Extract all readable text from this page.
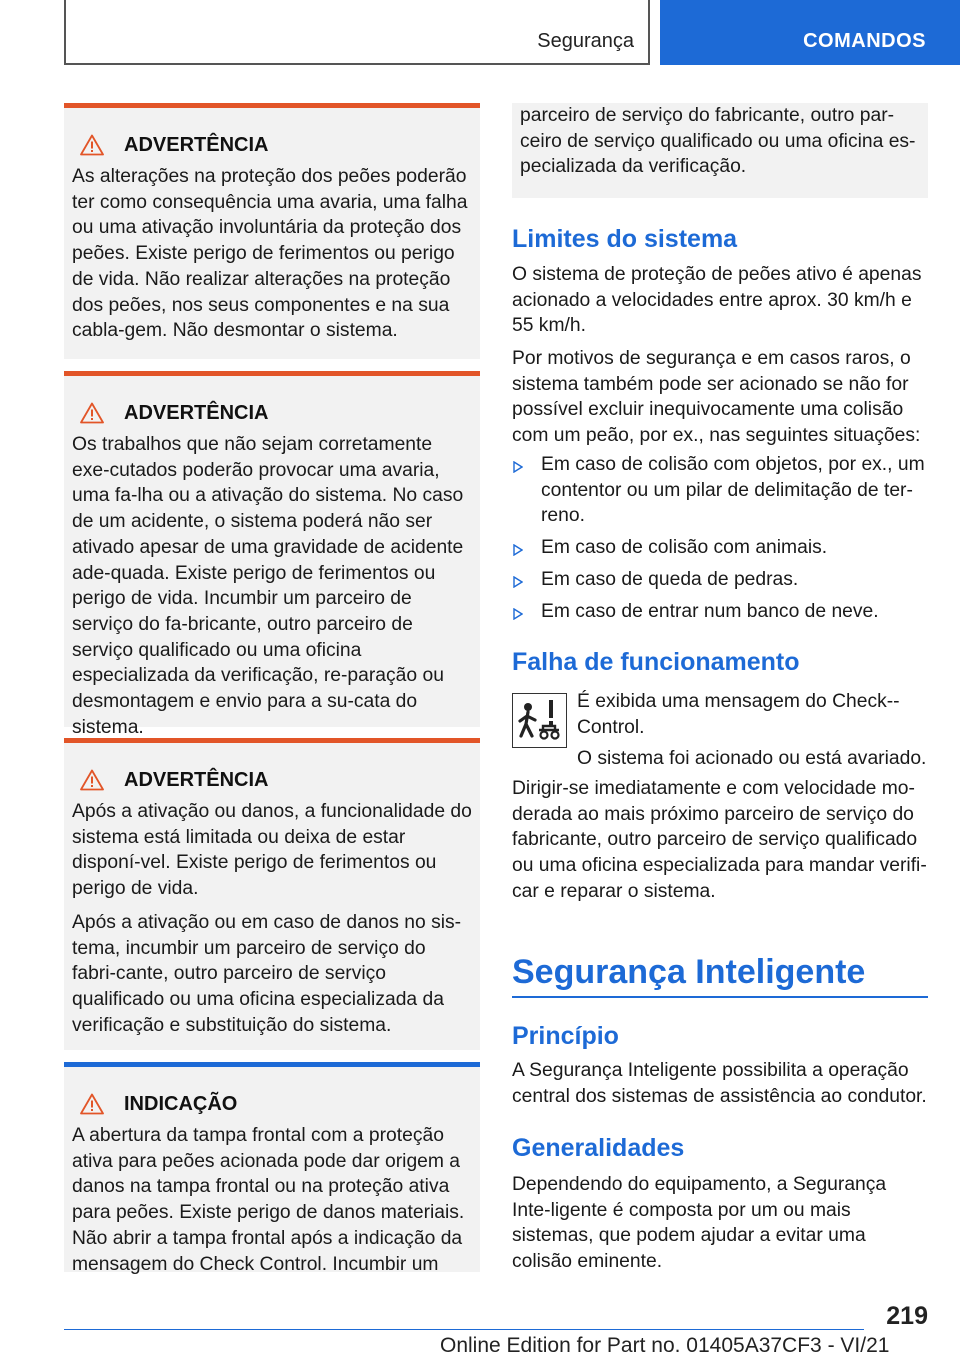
Segurança	COMANDOS
ADVERTÊNCIA

As alterações na proteção dos peões poderão ter como consequência uma avaria, uma falha ou uma ativação involuntária da proteção dos peões. Existe perigo de ferimentos ou perigo de vida. Não realizar alterações na proteção dos peões, nos seus componentes e na sua cabla-gem. Não desmontar o sistema.

ADVERTÊNCIA

Os trabalhos que não sejam corretamente exe-cutados poderão provocar uma avaria, uma fa-lha ou a ativação do sistema. No caso de um acidente, o sistema poderá não ser ativado apesar de uma gravidade de acidente ade-quada. Existe perigo de ferimentos ou perigo de vida. Incumbir um parceiro de serviço do fa-bricante, outro parceiro de serviço qualificado ou uma oficina especializada da verificação, re-paração ou desmontagem e envio para a su-cata do sistema.

ADVERTÊNCIA

Após a ativação ou danos, a funcionalidade do sistema está limitada ou deixa de estar disponí-vel. Existe perigo de ferimentos ou perigo de vida.

Após a ativação ou em caso de danos no sis-tema, incumbir um parceiro de serviço do fabri-cante, outro parceiro de serviço qualificado ou uma oficina especializada da verificação e substituição do sistema.

INDICAÇÃO

A abertura da tampa frontal com a proteção ativa para peões acionada pode dar origem a danos na tampa frontal ou na proteção ativa para peões. Existe perigo de danos materiais. Não abrir a tampa frontal após a indicação da mensagem do Check Control. Incumbir um

parceiro de serviço do fabricante, outro par-ceiro de serviço qualificado ou uma oficina es-pecializada da verificação.

Limites do sistema
O sistema de proteção de peões ativo é apenas acionado a velocidades entre aprox. 30 km/h e 55 km/h.
Por motivos de segurança e em casos raros, o sistema também pode ser acionado se não for possível excluir inequivocamente uma colisão com um peão, por ex., nas seguintes situações:
Em caso de colisão com objetos, por ex., um contentor ou um pilar de delimitação de ter-reno.
Em caso de colisão com animais.
Em caso de queda de pedras.
Em caso de entrar num banco de neve.
Falha de funcionamento
É exibida uma mensagem do Check--Control.
O sistema foi acionado ou está avariado.
Dirigir-se imediatamente e com velocidade mo-derada ao mais próximo parceiro de serviço do fabricante, outro parceiro de serviço qualificado ou uma oficina especializada para mandar verifi-car e reparar o sistema.
Segurança Inteligente
Princípio
A Segurança Inteligente possibilita a operação central dos sistemas de assistência ao condutor.
Generalidades
Dependendo do equipamento, a Segurança Inte-ligente é composta por um ou mais sistemas, que podem ajudar a evitar uma colisão eminente.
219
Online Edition for Part no. 01405A37CF3 - VI/21
